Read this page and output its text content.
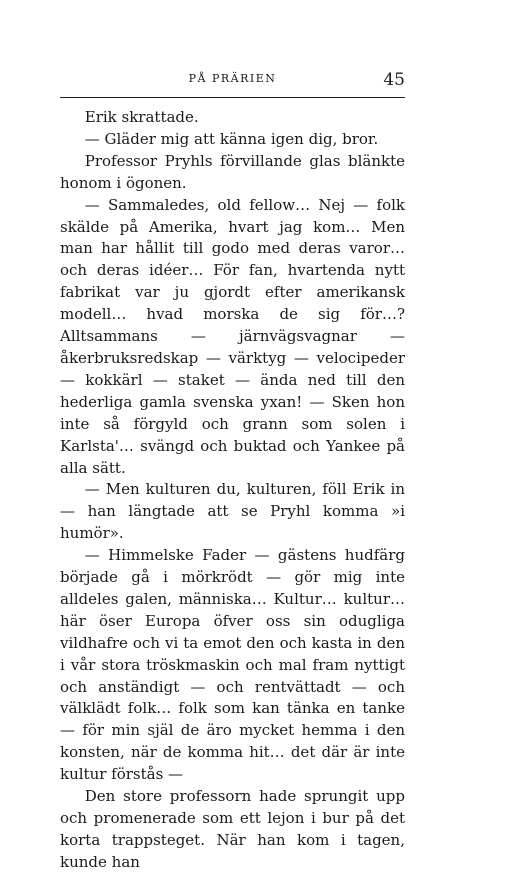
PÅ PRÄRIEN	45

Erik skrattade.

— Gläder mig att känna igen dig, bror.

Professor Pryhls förvillande glas blänkte honom i ögonen.

— Sammaledes, old fellow… Nej — folk skälde på Amerika, hvart jag kom… Men man har hållit till godo med deras varor… och deras idéer… För fan, hvartenda nytt fabrikat var ju gjordt efter amerikansk modell… hvad morska de sig för…? Alltsammans — järnvägsvagnar — åkerbruksredskap — värktyg — velocipeder — kokkärl — staket — ända ned till den hederliga gamla svenska yxan! — Sken hon inte så förgyld och grann som solen i Karlsta'… svängd och buktad och Yankee på alla sätt.

— Men kulturen du, kulturen, föll Erik in — han längtade att se Pryhl komma »i humör».

— Himmelske Fader — gästens hudfärg började gå i mörkrödt — gör mig inte alldeles galen, människa… Kultur… kultur… här öser Europa öfver oss sin odugliga vildhafre och vi ta emot den och kasta in den i vår stora tröskmaskin och mal fram nyttigt och anständigt — och rentvättadt — och välklädt folk… folk som kan tänka en tanke — för min själ de äro mycket hemma i den konsten, när de komma hit… det där är inte kultur förstås —

Den store professorn hade sprungit upp och promenerade som ett lejon i bur på det korta trappsteget. När han kom i tagen, kunde han
